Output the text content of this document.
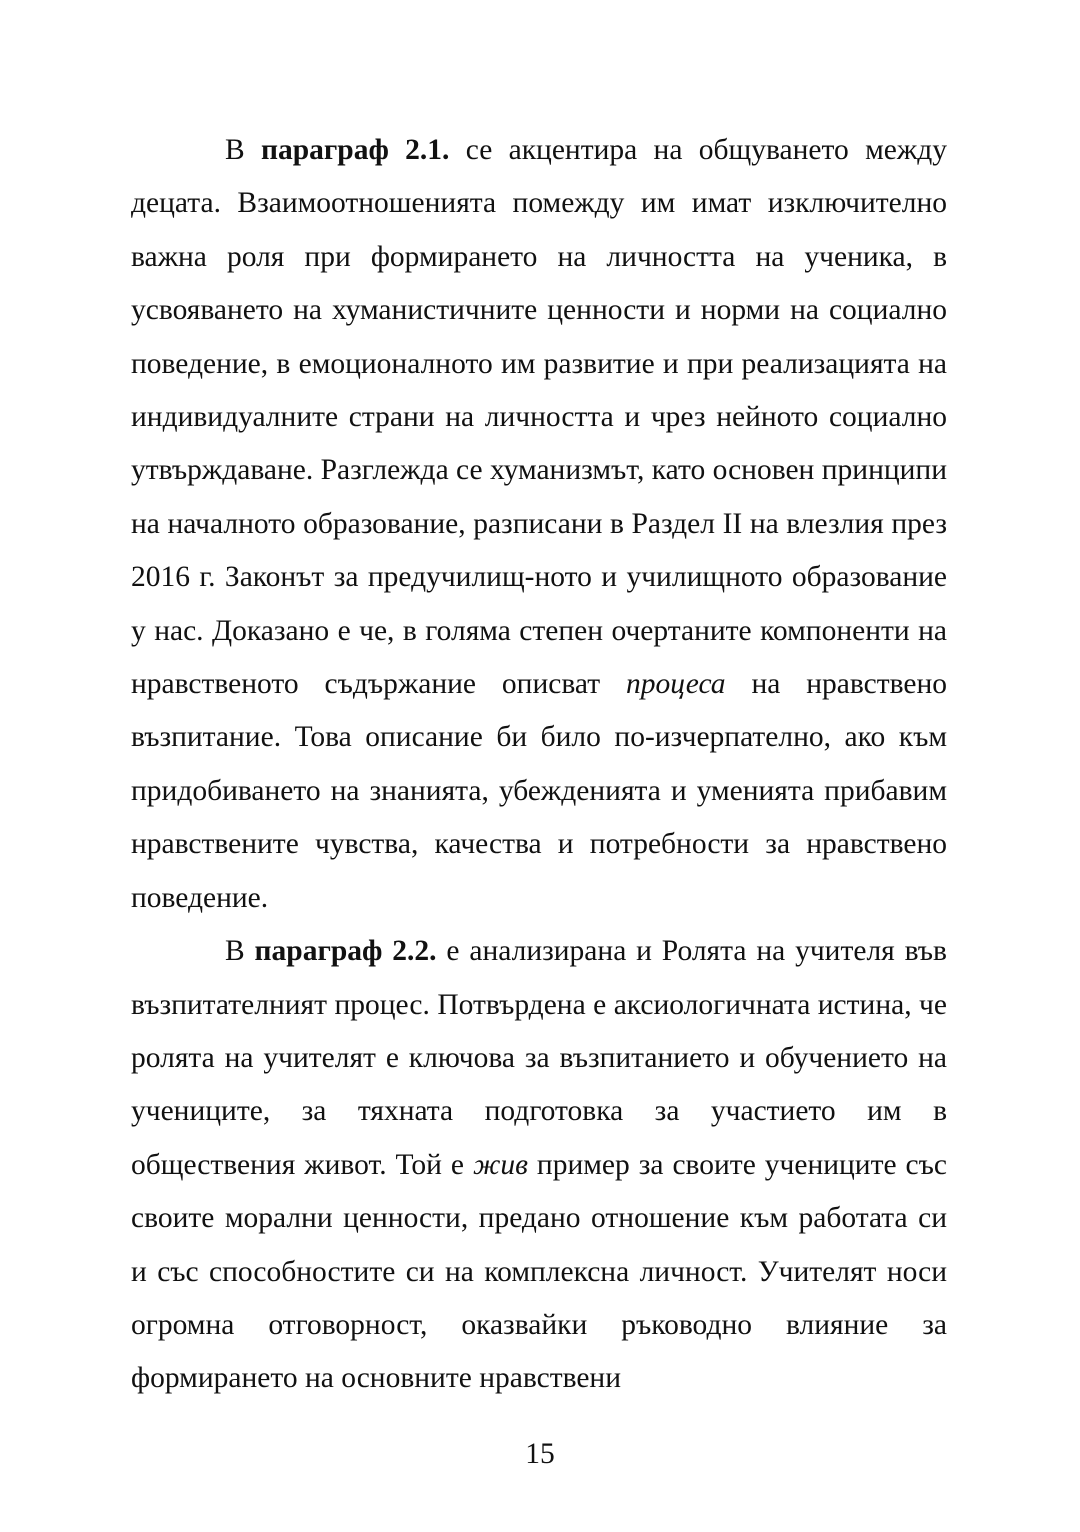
В параграф 2.1. се акцентира на общуването между децата. Взаимоотношенията помежду им имат изключително важна роля при формирането на личността на ученика, в усвояването на хуманистичните ценности и норми на социално поведение, в емоционалното им развитие и при реализацията на индивидуалните страни на личността и чрез нейното социално утвърждаване. Разглежда се хуманизмът, като основен принципи на началното образование, разписани в Раздел II на влезлия през 2016 г. Законът за предучилищ-ното и училищното образование у нас. Доказано е че, в голяма степен очертаните компоненти на нравственото съдържание описват процеса на нравствено възпитание. Това описание би било по-изчерпателно, ако към придобиването на знанията, убежденията и уменията прибавим нравствените чувства, качества и потребности за нравствено поведение.

В параграф 2.2. е анализирана и Ролята на учителя във възпитателният процес. Потвърдена е аксиологичната истина, че ролята на учителят е ключова за възпитанието и обучението на учениците, за тяхната подготовка за участието им в обществения живот. Той е жив пример за своите учениците със своите морални ценности, предано отношение към работата си и със способностите си на комплексна личност. Учителят носи огромна отговорност, оказвайки ръководно влияние за формирането на основните нравствени

15
